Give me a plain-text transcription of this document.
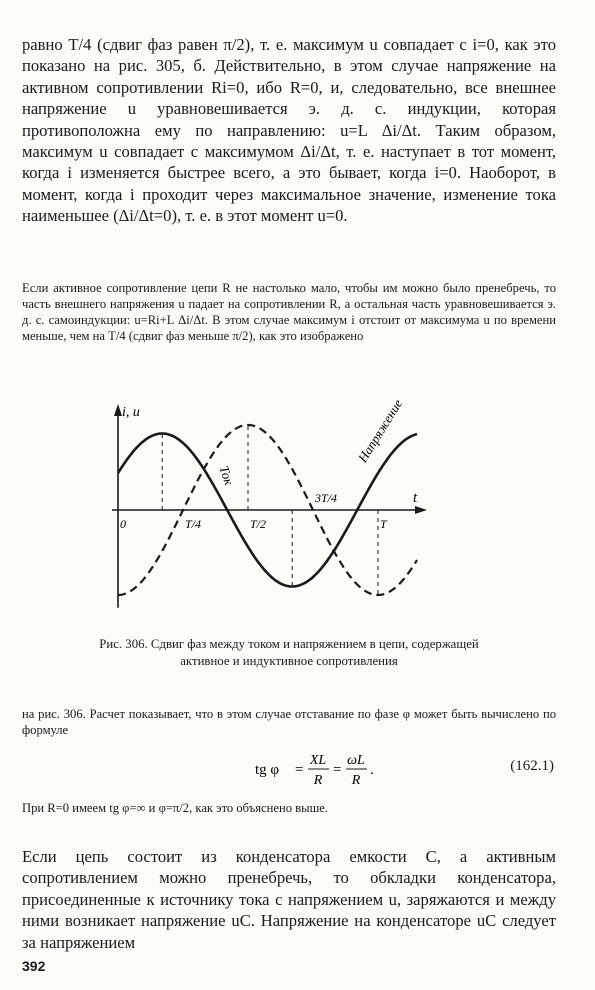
равно T/4 (сдвиг фаз равен π/2), т. е. максимум u совпадает с i=0, как это показано на рис. 305, б. Действительно, в этом случае напряжение на активном сопротивлении Ri=0, ибо R=0, и, следовательно, все внешнее напряжение u уравновешивается э. д. с. индукции, которая противоположна ему по направлению: u=L Δi/Δt. Таким образом, максимум u совпадает с максимумом Δi/Δt, т. е. наступает в тот момент, когда i изменяется быстрее всего, а это бывает, когда i=0. Наоборот, в момент, когда i проходит через максимальное значение, изменение тока наименьшее (Δi/Δt=0), т. е. в этот момент u=0.

Если активное сопротивление цепи R не настолько мало, чтобы им можно было пренебречь, то часть внешнего напряжения u падает на сопротивлении R, а остальная часть уравновешивается э. д. с. самоиндукции: u=Ri+L Δi/Δt. В этом случае максимум i отстоит от максимума u по времени меньше, чем на T/4 (сдвиг фаз меньше π/2), как это изображено

i, u
t
0	T/4	T/2
3T/4
T
Ток
Напряжение

Рис. 306. Сдвиг фаз между током и напряжением в цепи, содержащей

активное и индуктивное сопротивления

на рис. 306. Расчет показывает, что в этом случае отставание по фазе φ может быть вычислено по формуле

tg φ =
XL
R
=
ωL
R
.	(162.1)

При R=0 имеем tg φ=∞ и φ=π/2, как это объяснено выше.

Если цепь состоит из конденсатора емкости C, а активным сопротивлением можно пренебречь, то обкладки конденсатора, присоединенные к источнику тока с напряжением u, заряжаются и между ними возникает напряжение uC. Напряжение на конденсаторе uC следует за напряжением

392
